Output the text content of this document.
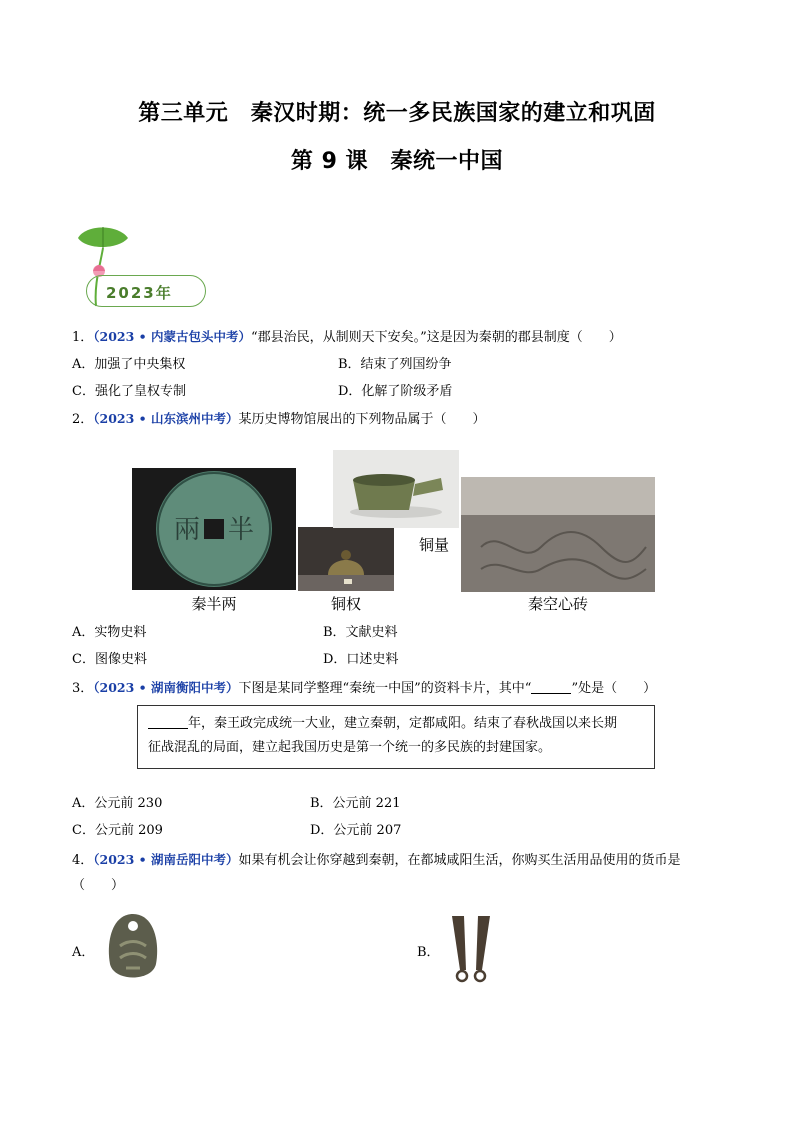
第三单元　秦汉时期：统一多民族国家的建立和巩固
第 9 课　秦统一中国
2023年
1．（2023 • 内蒙古包头中考）“郡县治民，从制则天下安矣。”这是因为秦朝的郡县制度（　　）
A．加强了中央集权	B．结束了列国纷争
C．强化了皇权专制	D．化解了阶级矛盾
2．（2023 • 山东滨州中考）某历史博物馆展出的下列物品属于（　　）
兩 半
秦半两	铜权
铜量
秦空心砖
A．实物史料	B．文献史料
C．图像史料	D．口述史料
3．（2023 • 湖南衡阳中考）下图是某同学整理“秦统一中国”的资料卡片，其中“	”处是（　　）
年，秦王政完成统一大业，建立秦朝，定都咸阳。结束了春秋战国以来长期
征战混乱的局面，建立起我国历史是第一个统一的多民族的封建国家。
A．公元前 230	B．公元前 221
C．公元前 209	D．公元前 207
4．（2023 • 湖南岳阳中考）如果有机会让你穿越到秦朝，在都城咸阳生活，你购买生活用品使用的货币是
（　　）
A．	B．
